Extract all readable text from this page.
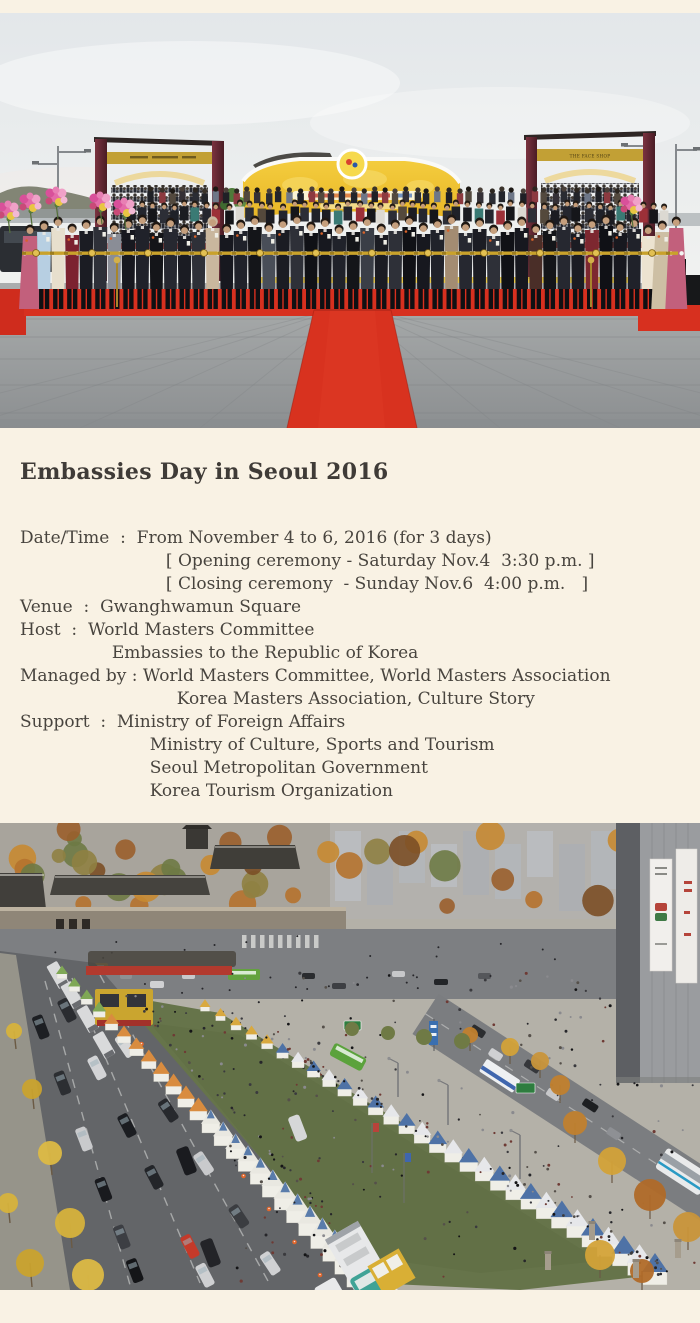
THE FACE SHOP
Embassies Day in Seoul 2016
Date/Time  :  From November 4 to 6, 2016 (for 3 days)
[ Opening ceremony - Saturday Nov.4  3:30 p.m. ]
[ Closing ceremony  - Sunday Nov.6  4:00 p.m.   ]
Venue  :  Gwanghwamun Square
Host  :  World Masters Committee
Embassies to the Republic of Korea
Managed by : World Masters Committee, World Masters Association
Korea Masters Association, Culture Story
Support  :  Ministry of Foreign Affairs
Ministry of Culture, Sports and Tourism
Seoul Metropolitan Government
Korea Tourism Organization
